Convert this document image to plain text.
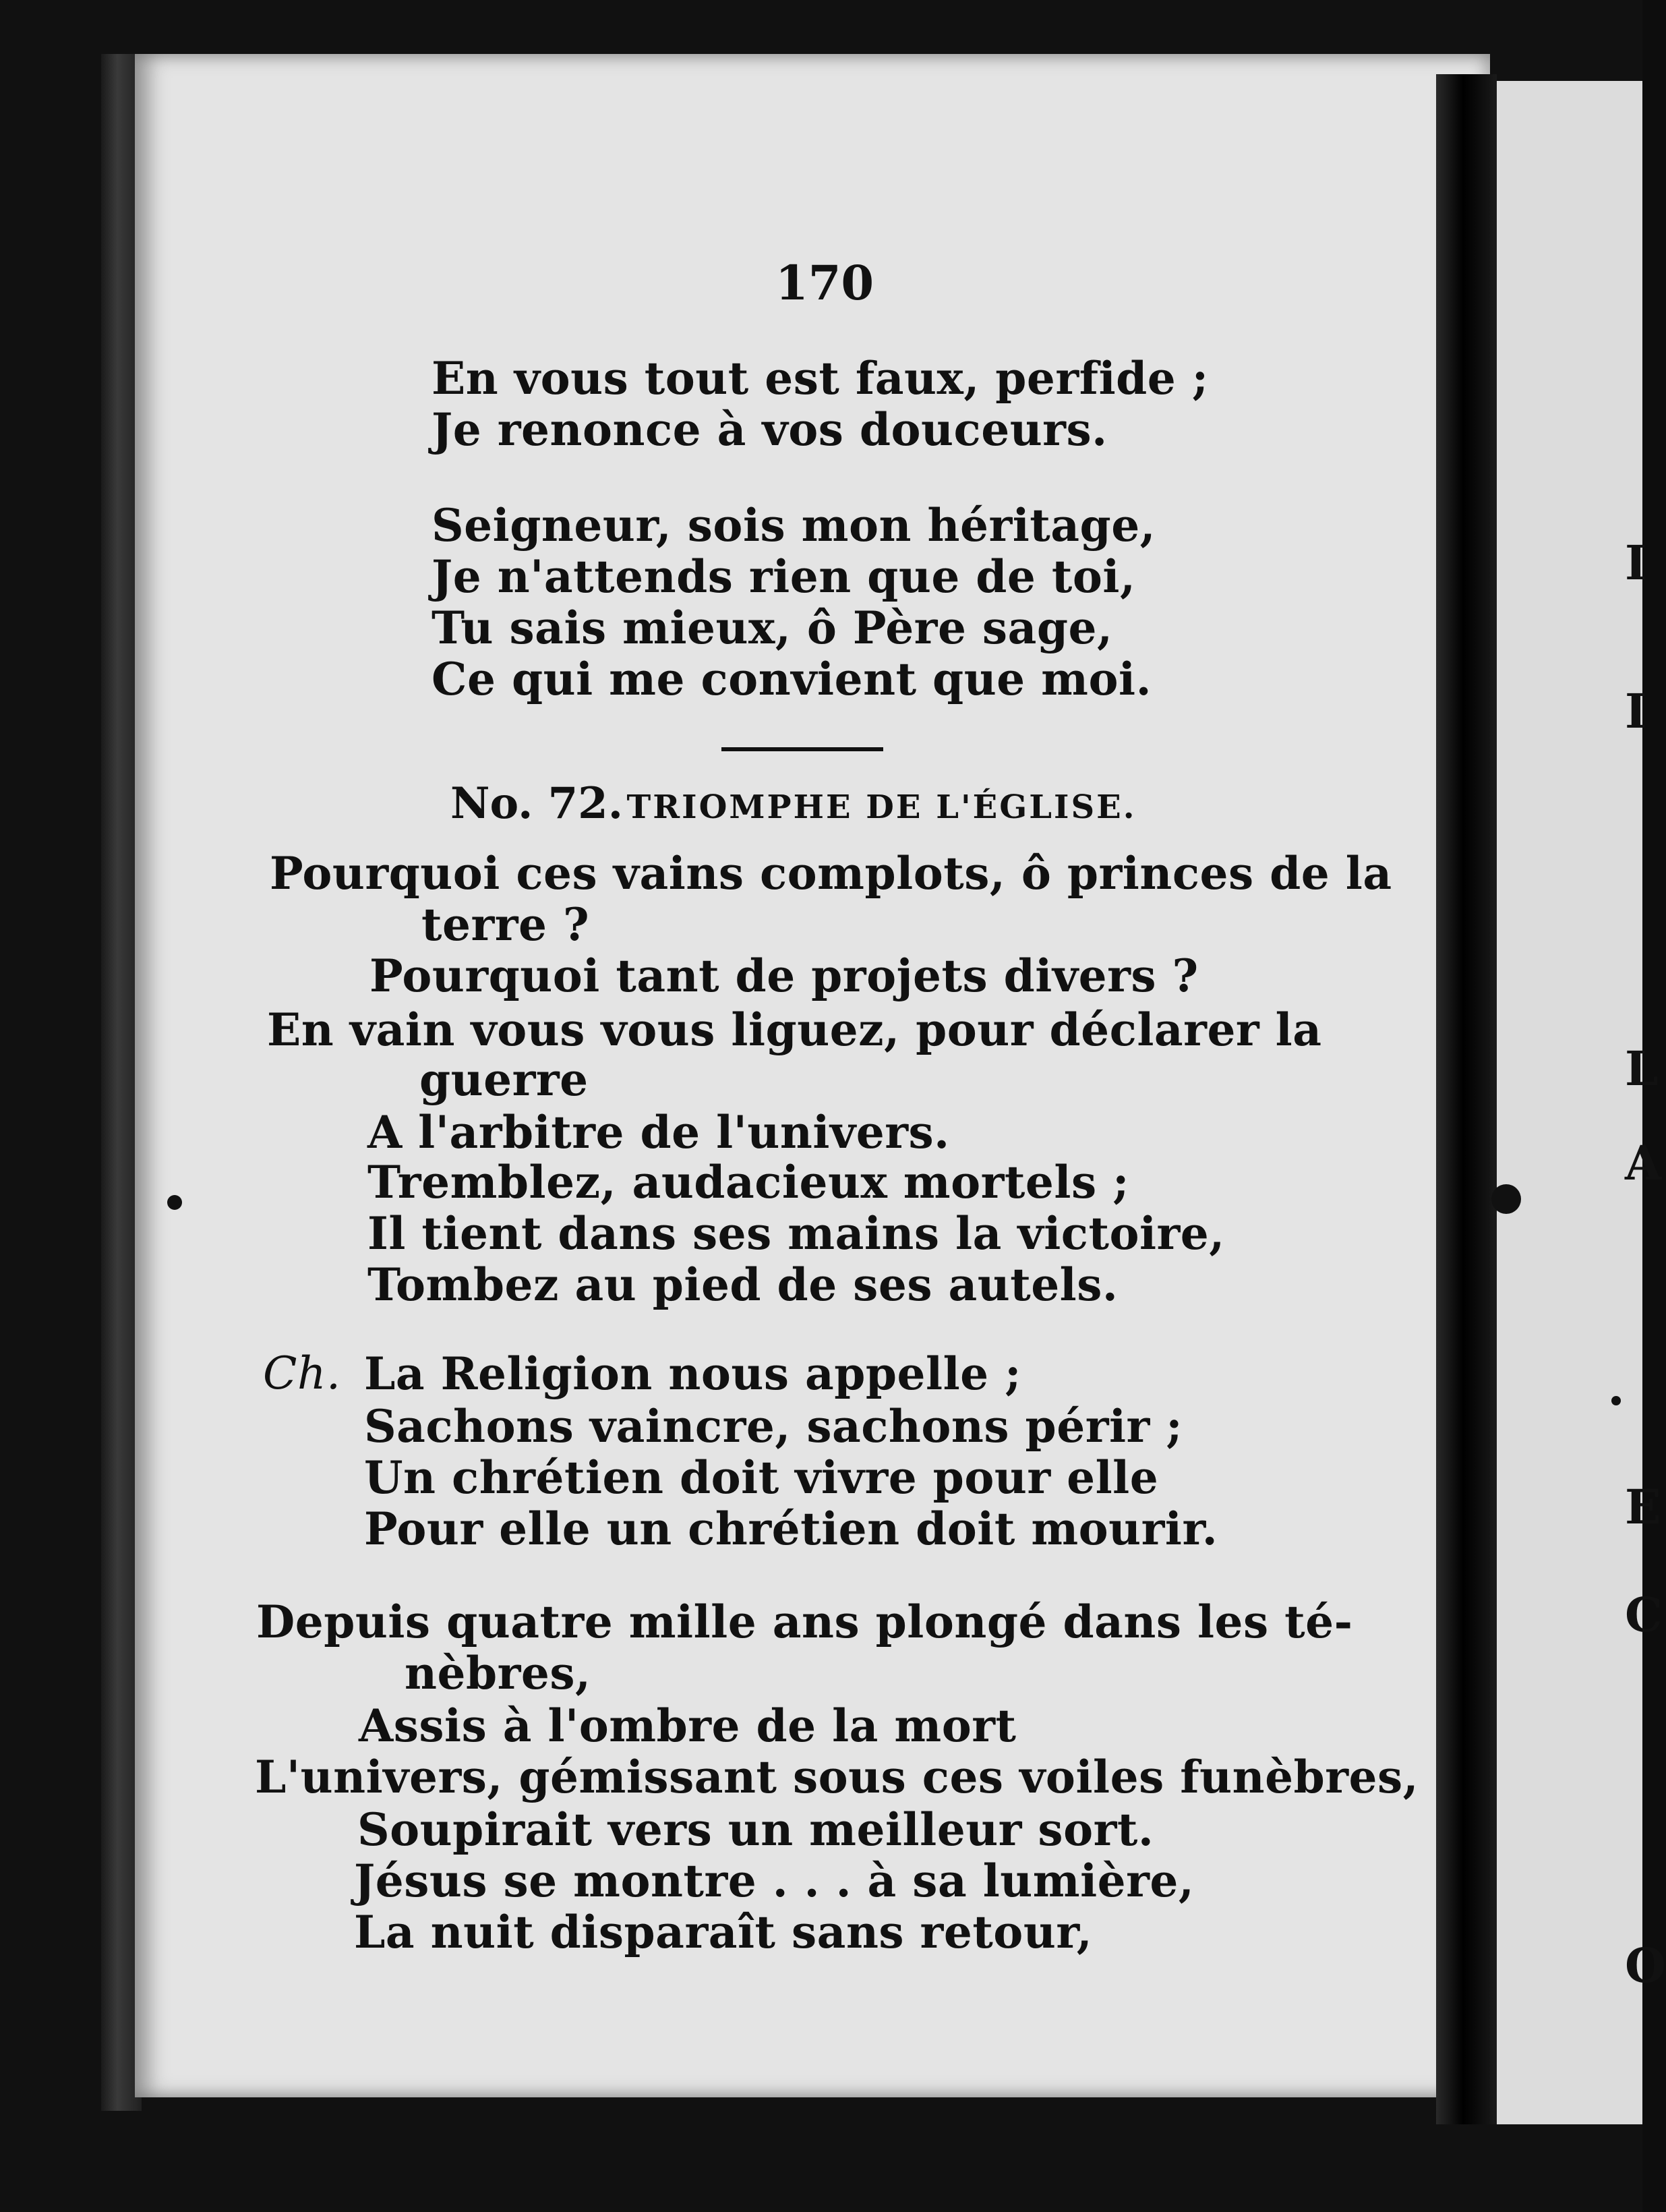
I
I
L
A
E
C
O
170
En vous tout est faux, perfide ;
Je renonce à vos douceurs.
Seigneur, sois mon héritage,
Je n'attends rien que de toi,
Tu sais mieux, ô Père sage,
Ce qui me convient que moi.
No. 72. TRIOMPHE DE L'ÉGLISE.
Pourquoi ces vains complots, ô princes de la
terre ?
Pourquoi tant de projets divers ?
En vain vous vous liguez, pour déclarer la
guerre
A l'arbitre de l'univers.
Tremblez, audacieux mortels ;
Il tient dans ses mains la victoire,
Tombez au pied de ses autels.
Ch. La Religion nous appelle ;
Sachons vaincre, sachons périr ;
Un chrétien doit vivre pour elle
Pour elle un chrétien doit mourir.
Depuis quatre mille ans plongé dans les té-
nèbres,
Assis à l'ombre de la mort
L'univers, gémissant sous ces voiles funèbres,
Soupirait vers un meilleur sort.
Jésus se montre . . . à sa lumière,
La nuit disparaît sans retour,
